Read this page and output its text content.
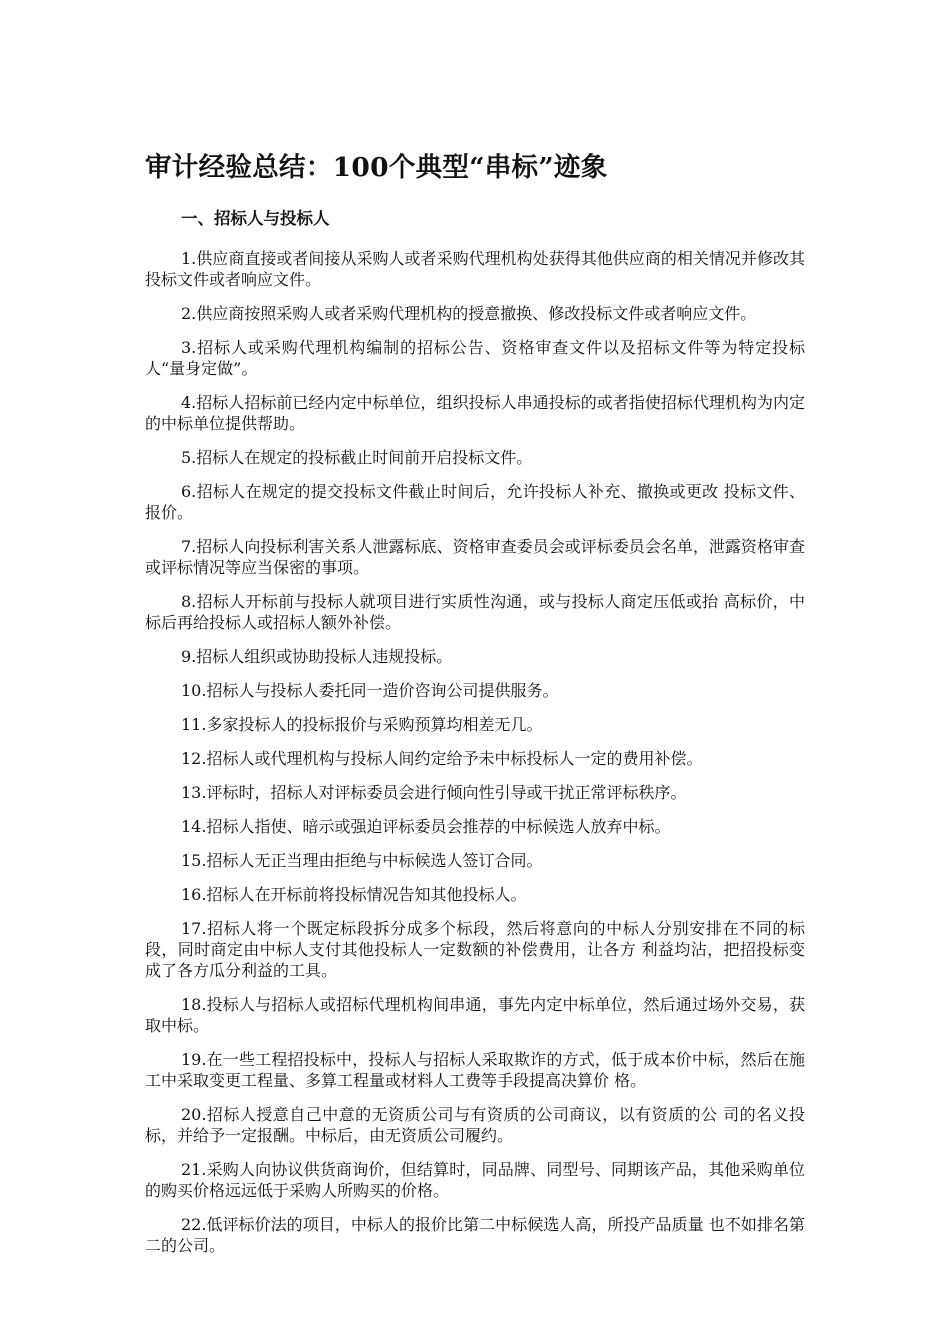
审计经验总结：100个典型“串标”迹象
一、招标人与投标人

1.供应商直接或者间接从采购人或者采购代理机构处获得其他供应商的相关情况并修改其投标文件或者响应文件。

2.供应商按照采购人或者采购代理机构的授意撤换、修改投标文件或者响应文件。

3.招标人或采购代理机构编制的招标公告、资格审查文件以及招标文件等为特定投标人“量身定做”。

4.招标人招标前已经内定中标单位，组织投标人串通投标的或者指使招标代理机构为内定的中标单位提供帮助。

5.招标人在规定的投标截止时间前开启投标文件。

6.招标人在规定的提交投标文件截止时间后，允许投标人补充、撤换或更改 投标文件、报价。

7.招标人向投标利害关系人泄露标底、资格审查委员会或评标委员会名单，泄露资格审查或评标情况等应当保密的事项。

8.招标人开标前与投标人就项目进行实质性沟通，或与投标人商定压低或抬 高标价，中标后再给投标人或招标人额外补偿。

9.招标人组织或协助投标人违规投标。

10.招标人与投标人委托同一造价咨询公司提供服务。

11.多家投标人的投标报价与采购预算均相差无几。

12.招标人或代理机构与投标人间约定给予未中标投标人一定的费用补偿。

13.评标时，招标人对评标委员会进行倾向性引导或干扰正常评标秩序。

14.招标人指使、暗示或强迫评标委员会推荐的中标候选人放弃中标。

15.招标人无正当理由拒绝与中标候选人签订合同。

16.招标人在开标前将投标情况告知其他投标人。

17.招标人将一个既定标段拆分成多个标段，然后将意向的中标人分别安排在不同的标段，同时商定由中标人支付其他投标人一定数额的补偿费用，让各方 利益均沾，把招投标变成了各方瓜分利益的工具。

18.投标人与招标人或招标代理机构间串通，事先内定中标单位，然后通过场外交易，获取中标。

19.在一些工程招投标中，投标人与招标人采取欺诈的方式，低于成本价中标，然后在施工中采取变更工程量、多算工程量或材料人工费等手段提高决算价 格。

20.招标人授意自己中意的无资质公司与有资质的公司商议，以有资质的公 司的名义投标，并给予一定报酬。中标后，由无资质公司履约。

21.采购人向协议供货商询价，但结算时，同品牌、同型号、同期该产品，其他采购单位的购买价格远远低于采购人所购买的价格。

22.低评标价法的项目，中标人的报价比第二中标候选人高，所投产品质量 也不如排名第二的公司。
